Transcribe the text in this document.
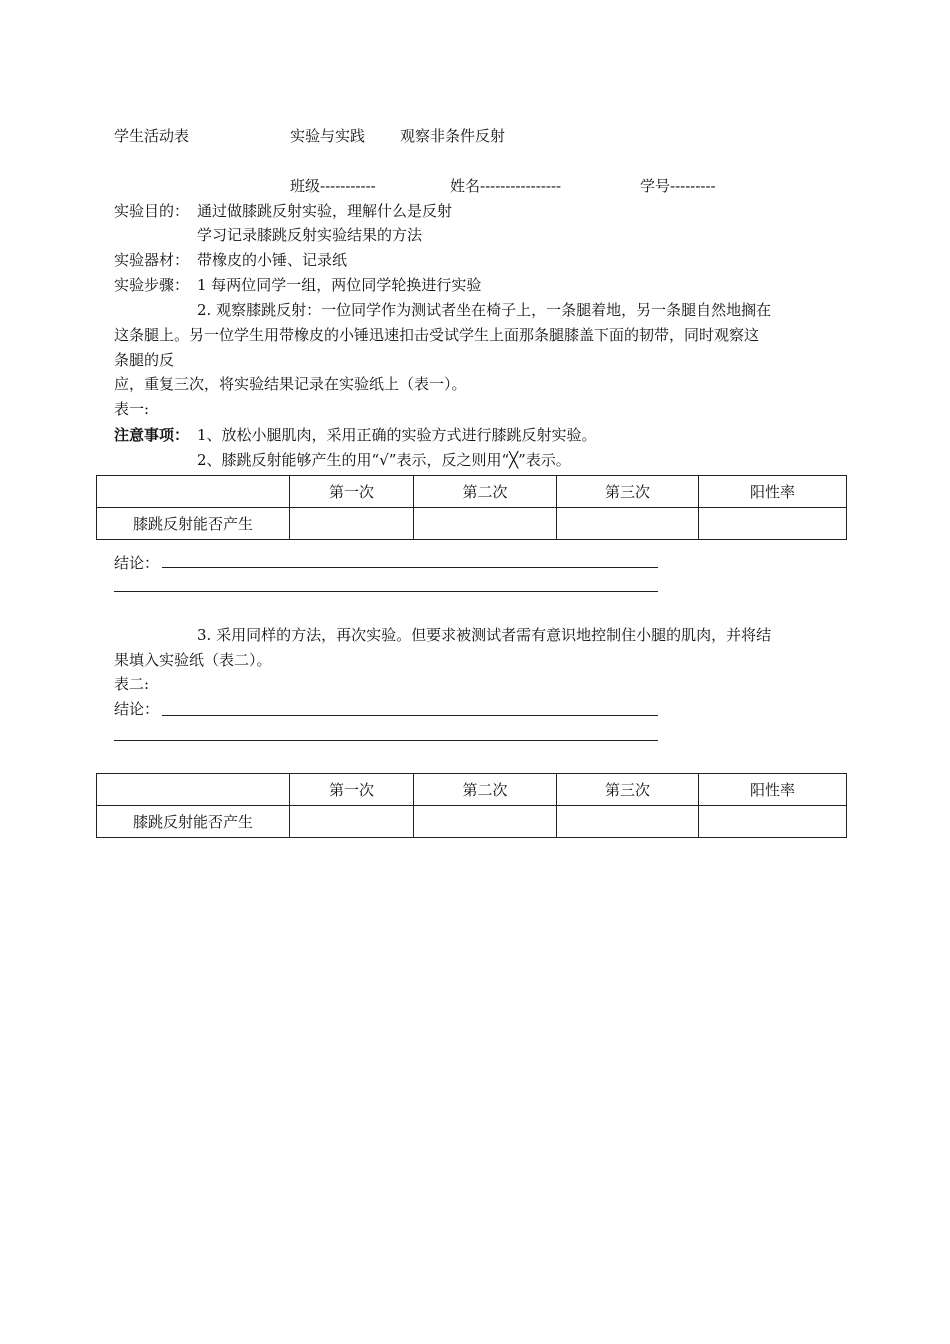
学生活动表	实验与实践 观察非条件反射
班级-----------	姓名----------------	学号---------
实验目的： 通过做膝跳反射实验，理解什么是反射
学习记录膝跳反射实验结果的方法
实验器材： 带橡皮的小锤、记录纸
实验步骤： 1 每两位同学一组，两位同学轮换进行实验
2. 观察膝跳反射：一位同学作为测试者坐在椅子上，一条腿着地，另一条腿自然地搁在
这条腿上。另一位学生用带橡皮的小锤迅速扣击受试学生上面那条腿膝盖下面的韧带，同时观察这
条腿的反
应，重复三次，将实验结果记录在实验纸上（表一）。
表一:
注意事项： 1、放松小腿肌肉，采用正确的实验方式进行膝跳反射实验。
2、膝跳反射能够产生的用“√”表示，反之则用“╳”表示。
	第一次	第二次	第三次	阳性率
膝跳反射能否产生				
结论：
3. 采用同样的方法，再次实验。但要求被测试者需有意识地控制住小腿的肌肉，并将结
果填入实验纸（表二）。
表二:
结论：
	第一次	第二次	第三次	阳性率
膝跳反射能否产生				
